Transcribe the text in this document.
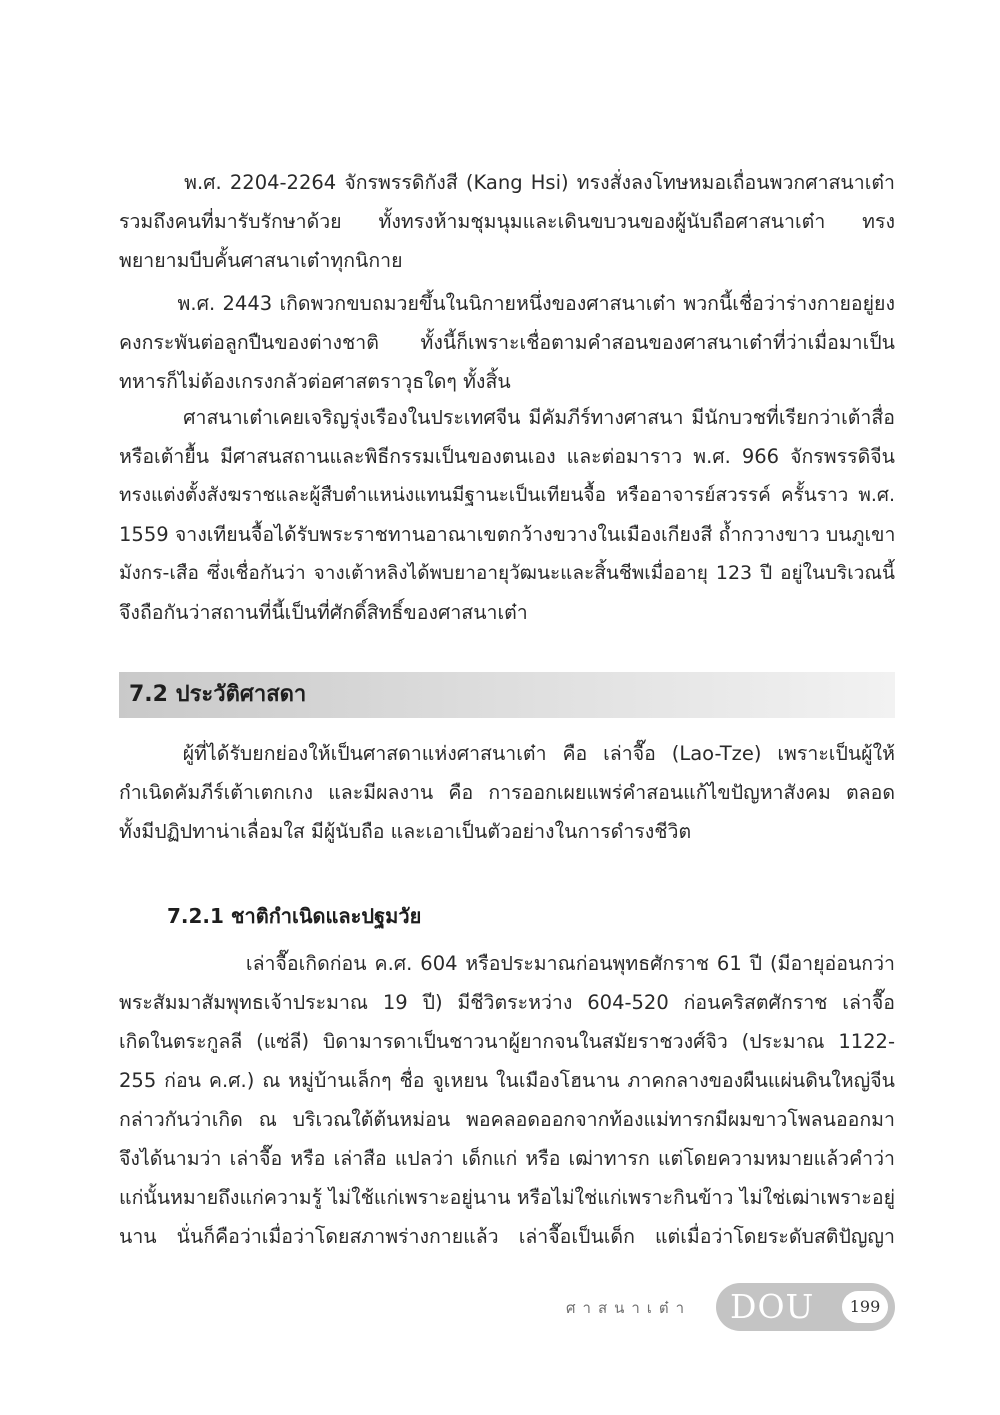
พ.ศ. 2204-2264 จักรพรรดิกังสี (Kang Hsi) ทรงสั่งลงโทษหมอเถื่อนพวกศาสนาเต๋า
รวมถึงคนที่มารับรักษาด้วย ทั้งทรงห้ามชุมนุมและเดินขบวนของผู้นับถือศาสนาเต๋า ทรง
พยายามบีบคั้นศาสนาเต๋าทุกนิกาย
พ.ศ. 2443 เกิดพวกขบถมวยขึ้นในนิกายหนึ่งของศาสนาเต๋า พวกนี้เชื่อว่าร่างกายอยู่ยง
คงกระพันต่อลูกปืนของต่างชาติ ทั้งนี้ก็เพราะเชื่อตามคำสอนของศาสนาเต๋าที่ว่าเมื่อมาเป็น
ทหารก็ไม่ต้องเกรงกลัวต่อศาสตราวุธใดๆ ทั้งสิ้น
ศาสนาเต๋าเคยเจริญรุ่งเรืองในประเทศจีน มีคัมภีร์ทางศาสนา มีนักบวชที่เรียกว่าเต้าสื่อ
หรือเต้ายื้น มีศาสนสถานและพิธีกรรมเป็นของตนเอง และต่อมาราว พ.ศ. 966 จักรพรรดิจีน
ทรงแต่งตั้งสังฆราชและผู้สืบตำแหน่งแทนมีฐานะเป็นเทียนจื้อ หรืออาจารย์สวรรค์ ครั้นราว พ.ศ.
1559 จางเทียนจื้อได้รับพระราชทานอาณาเขตกว้างขวางในเมืองเกียงสี ถ้ำกวางขาว บนภูเขา
มังกร-เสือ ซึ่งเชื่อกันว่า จางเต้าหลิงได้พบยาอายุวัฒนะและสิ้นชีพเมื่ออายุ 123 ปี อยู่ในบริเวณนี้
จึงถือกันว่าสถานที่นี้เป็นที่ศักดิ์สิทธิ์ของศาสนาเต๋า
7.2 ประวัติศาสดา
ผู้ที่ได้รับยกย่องให้เป็นศาสดาแห่งศาสนาเต๋า  คือ  เล่าจื๊อ  (Lao-Tze)  เพราะเป็นผู้ให้
กำเนิดคัมภีร์เต้าเตกเกง และมีผลงาน คือ การออกเผยแพร่คำสอนแก้ไขปัญหาสังคม ตลอด
ทั้งมีปฏิปทาน่าเลื่อมใส มีผู้นับถือ และเอาเป็นตัวอย่างในการดำรงชีวิต
7.2.1 ชาติกำเนิดและปฐมวัย
เล่าจื๊อเกิดก่อน ค.ศ. 604 หรือประมาณก่อนพุทธศักราช 61 ปี (มีอายุอ่อนกว่า
พระสัมมาสัมพุทธเจ้าประมาณ 19 ปี) มีชีวิตระหว่าง 604-520 ก่อนคริสตศักราช เล่าจื๊อ
เกิดในตระกูลลี (แซ่ลี) บิดามารดาเป็นชาวนาผู้ยากจนในสมัยราชวงศ์จิว (ประมาณ 1122-
255 ก่อน ค.ศ.) ณ หมู่บ้านเล็กๆ ชื่อ จูเหยน ในเมืองโฮนาน ภาคกลางของผืนแผ่นดินใหญ่จีน
กล่าวกันว่าเกิด ณ บริเวณใต้ต้นหม่อน พอคลอดออกจากท้องแม่ทารกมีผมขาวโพลนออกมา
จึงได้นามว่า เล่าจื๊อ หรือ เล่าสือ แปลว่า เด็กแก่ หรือ เฒ่าทารก แต่โดยความหมายแล้วคำว่า
แก่นั้นหมายถึงแก่ความรู้ ไม่ใช้แก่เพราะอยู่นาน หรือไม่ใช่แก่เพราะกินข้าว ไม่ใช่เฒ่าเพราะอยู่
นาน นั่นก็คือว่าเมื่อว่าโดยสภาพร่างกายแล้ว เล่าจื๊อเป็นเด็ก แต่เมื่อว่าโดยระดับสติปัญญา
ศาสนาเต๋า DOU	199
